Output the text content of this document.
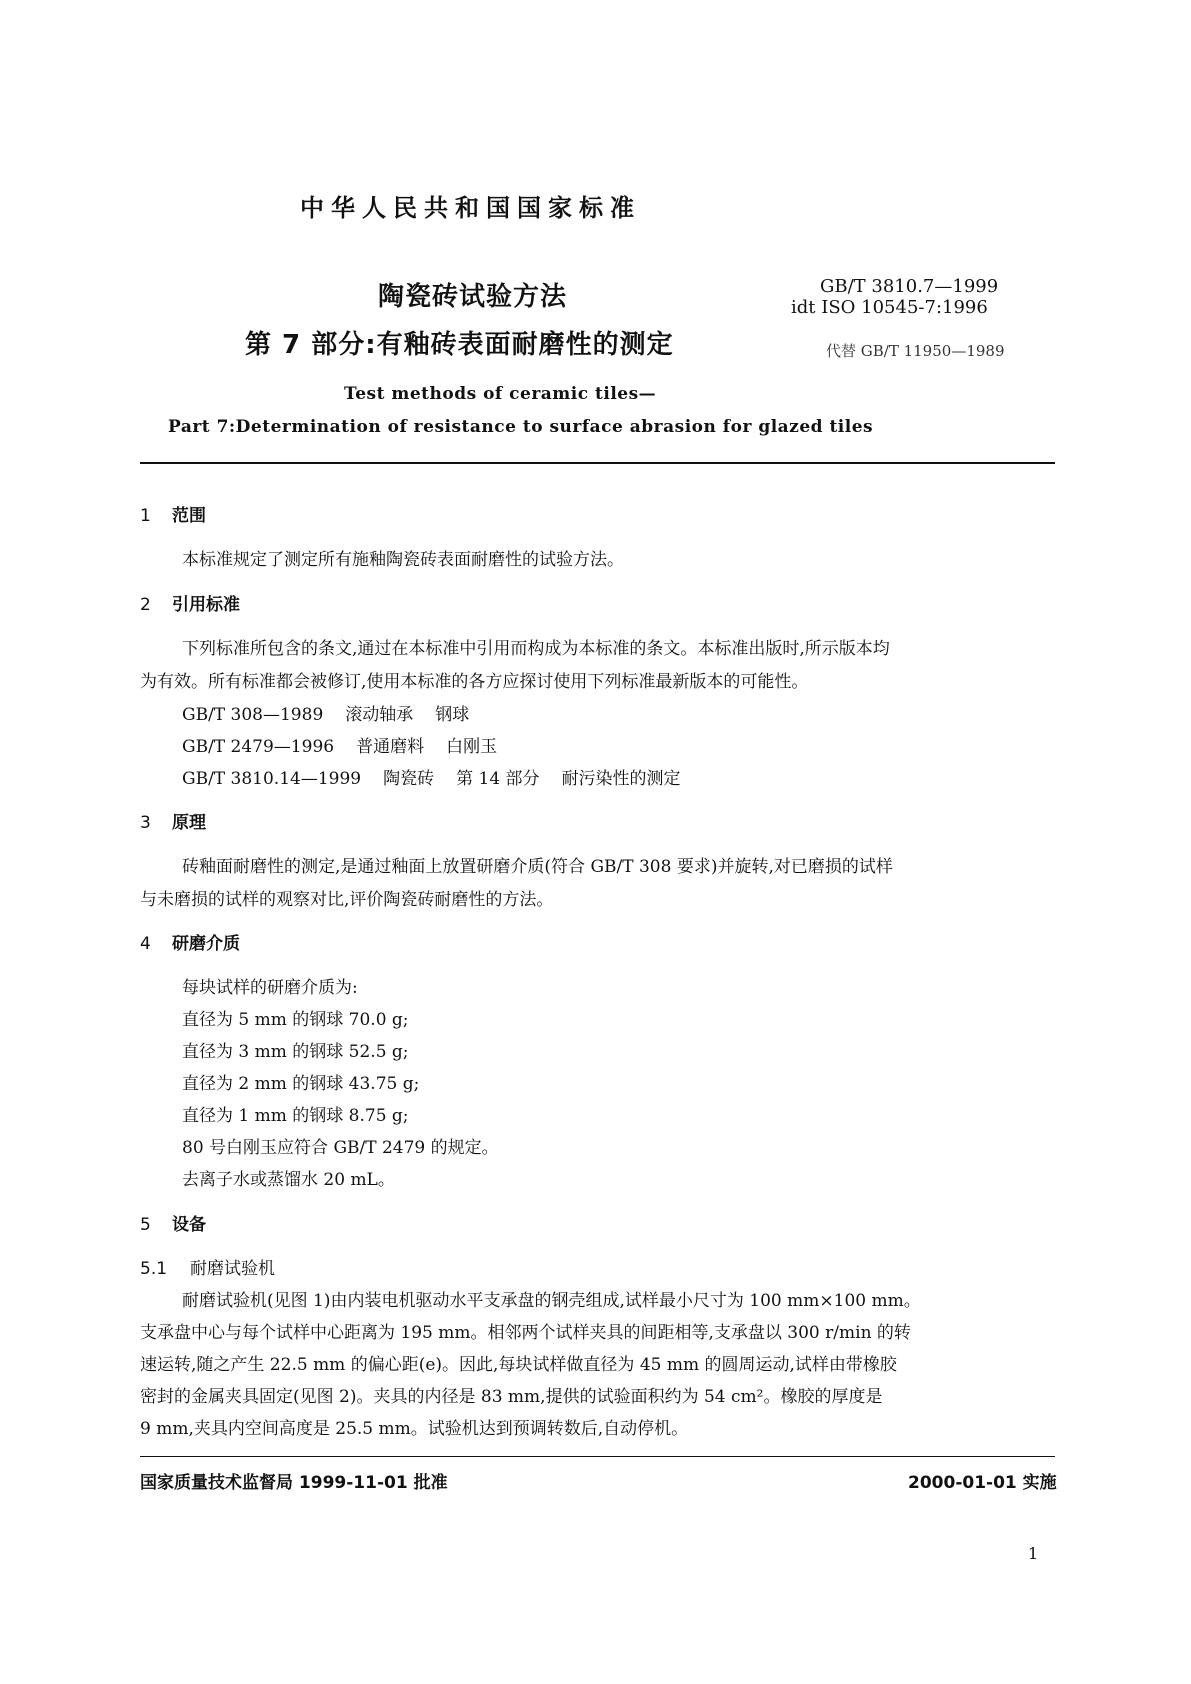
中华人民共和国国家标准
陶瓷砖试验方法
第 7 部分:有釉砖表面耐磨性的测定
GB/T 3810.7—1999
idt ISO 10545-7:1996
代替 GB/T 11950—1989
Test methods of ceramic tiles—
Part 7:Determination of resistance to surface abrasion for glazed tiles
1 范围
本标准规定了测定所有施釉陶瓷砖表面耐磨性的试验方法。
2 引用标准
下列标准所包含的条文,通过在本标准中引用而构成为本标准的条文。本标准出版时,所示版本均
为有效。所有标准都会被修订,使用本标准的各方应探讨使用下列标准最新版本的可能性。
GB/T 308—1989 滚动轴承 钢球
GB/T 2479—1996 普通磨料 白刚玉
GB/T 3810.14—1999 陶瓷砖 第 14 部分 耐污染性的测定
3 原理
砖釉面耐磨性的测定,是通过釉面上放置研磨介质(符合 GB/T 308 要求)并旋转,对已磨损的试样
与未磨损的试样的观察对比,评价陶瓷砖耐磨性的方法。
4 研磨介质
每块试样的研磨介质为:
直径为 5 mm 的钢球 70.0 g;
直径为 3 mm 的钢球 52.5 g;
直径为 2 mm 的钢球 43.75 g;
直径为 1 mm 的钢球 8.75 g;
80 号白刚玉应符合 GB/T 2479 的规定。
去离子水或蒸馏水 20 mL。
5 设备
5.1 耐磨试验机
耐磨试验机(见图 1)由内装电机驱动水平支承盘的钢壳组成,试样最小尺寸为 100 mm×100 mm。
支承盘中心与每个试样中心距离为 195 mm。相邻两个试样夹具的间距相等,支承盘以 300 r/min 的转
速运转,随之产生 22.5 mm 的偏心距(e)。因此,每块试样做直径为 45 mm 的圆周运动,试样由带橡胶
密封的金属夹具固定(见图 2)。夹具的内径是 83 mm,提供的试验面积约为 54 cm²。橡胶的厚度是
9 mm,夹具内空间高度是 25.5 mm。试验机达到预调转数后,自动停机。
国家质量技术监督局 1999-11-01 批准	2000-01-01 实施
1
